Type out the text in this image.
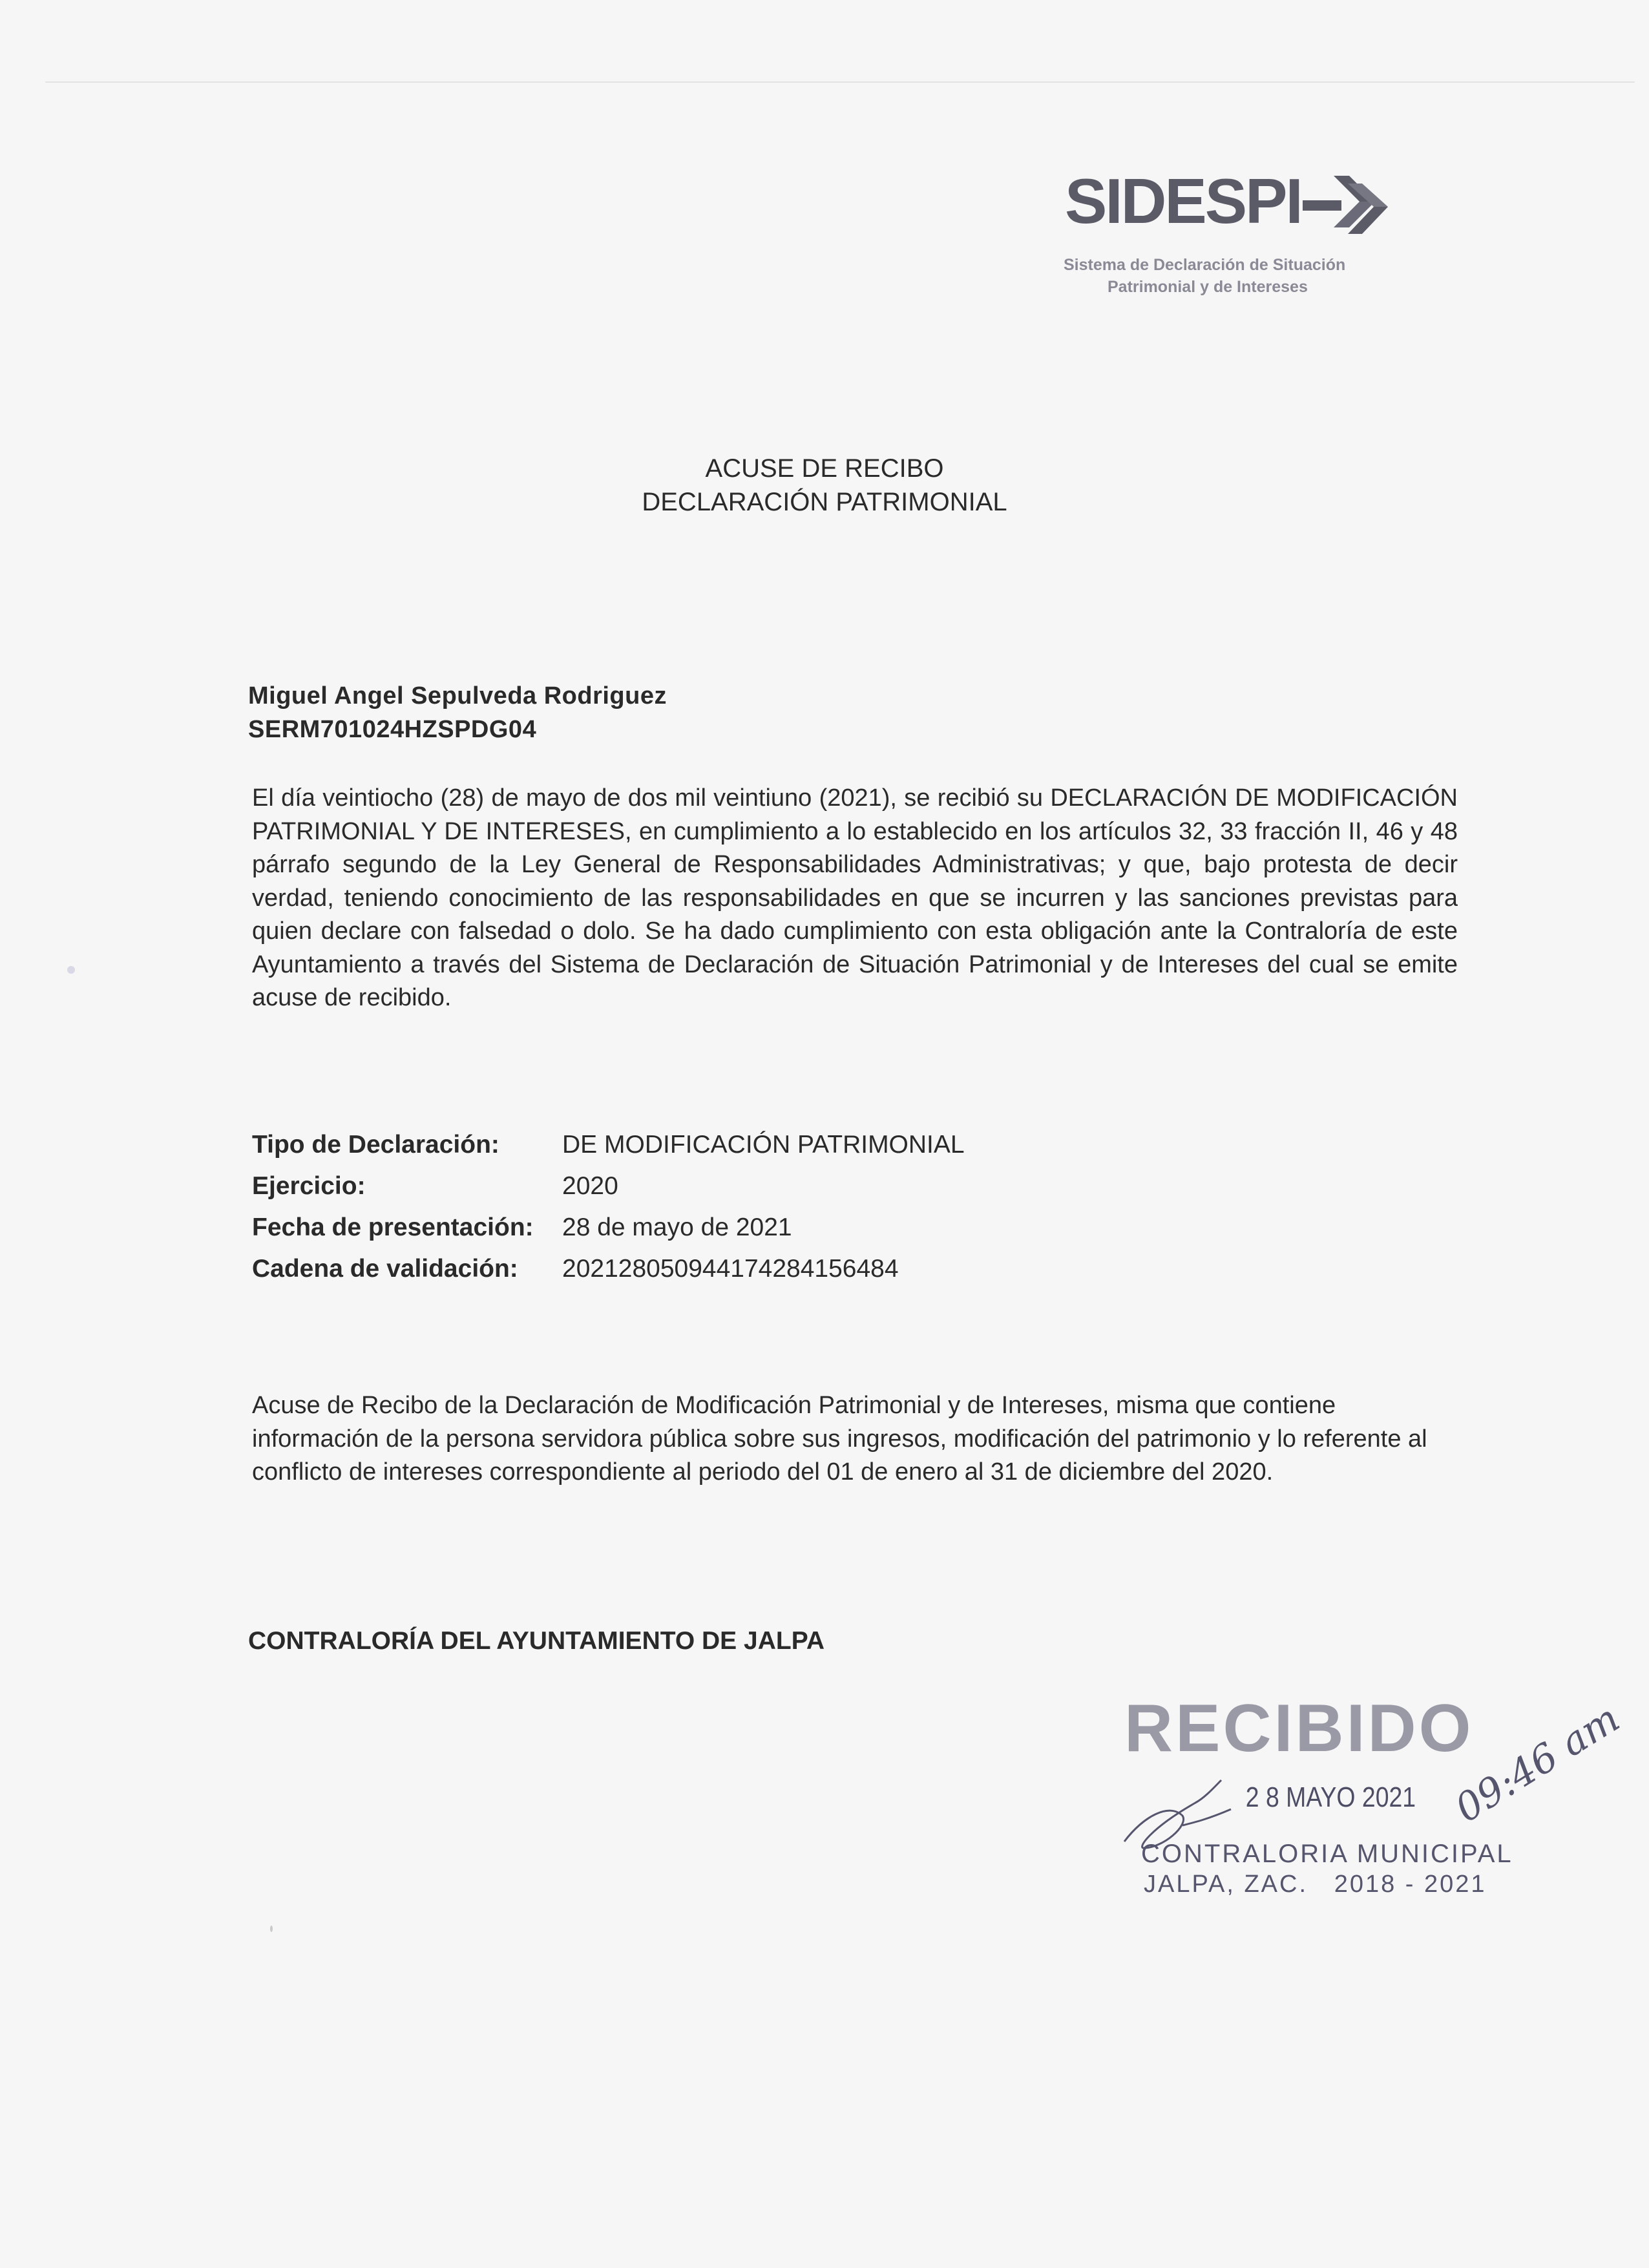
SIDESPI
Sistema de Declaración de Situación
Patrimonial y de Intereses
ACUSE DE RECIBO
DECLARACIÓN PATRIMONIAL
Miguel Angel Sepulveda Rodriguez
SERM701024HZSPDG04

El día veintiocho (28) de mayo de dos mil veintiuno (2021), se recibió su DECLARACIÓN DE MODIFICACIÓN PATRIMONIAL Y DE INTERESES, en cumplimiento a lo establecido en los artículos 32, 33 fracción II, 46 y 48 párrafo segundo de la Ley General de Responsabilidades Administrativas; y que, bajo protesta de decir verdad, teniendo conocimiento de las responsabilidades en que se incurren y las sanciones previstas para quien declare con falsedad o dolo. Se ha dado cumplimiento con esta obligación ante la Contraloría de este Ayuntamiento a través del Sistema de Declaración de Situación Patrimonial y de Intereses del cual se emite acuse de recibido.

Tipo de Declaración:	DE MODIFICACIÓN PATRIMONIAL
Ejercicio:	2020
Fecha de presentación:	28 de mayo de 2021
Cadena de validación:	20212805094417428415648​4

Acuse de Recibo de la Declaración de Modificación Patrimonial y de Intereses, misma que contiene información de la persona servidora pública sobre sus ingresos, modificación del patrimonio y lo referente al conflicto de intereses correspondiente al periodo del 01 de enero al 31 de diciembre del 2020.

CONTRALORÍA DEL AYUNTAMIENTO DE JALPA
RECIBIDO
2 8 MAYO 2021
CONTRALORIA MUNICIPAL
JALPA, ZAC.   2018 - 2021
09:46 am
